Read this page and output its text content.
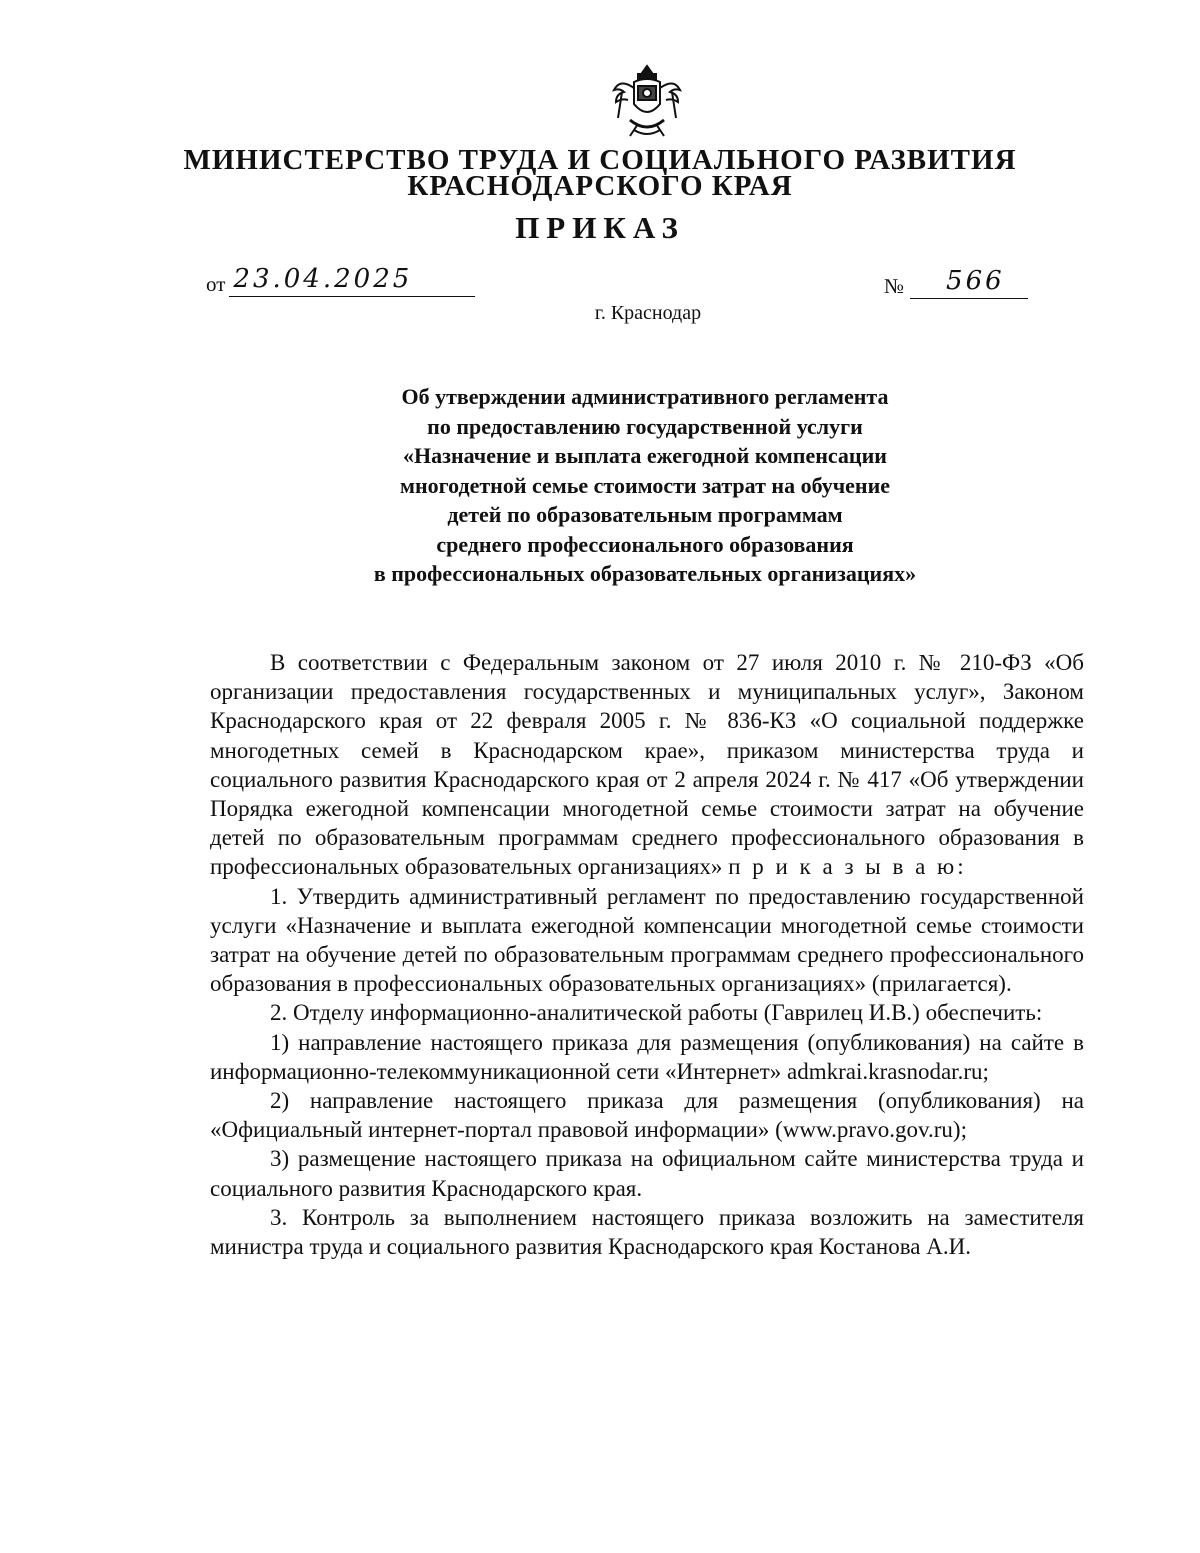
МИНИСТЕРСТВО ТРУДА И СОЦИАЛЬНОГО РАЗВИТИЯ
КРАСНОДАРСКОГО КРАЯ
ПРИКАЗ
от 23.04.2025	№ 566
г. Краснодар
Об утверждении административного регламента
по предоставлению государственной услуги
«Назначение и выплата ежегодной компенсации
многодетной семье стоимости затрат на обучение
детей по образовательным программам
среднего профессионального образования
в профессиональных образовательных организациях»

В соответствии с Федеральным законом от 27 июля 2010 г. № 210-ФЗ «Об организации предоставления государственных и муниципальных услуг», Законом Краснодарского края от 22 февраля 2005 г. № 836-КЗ «О социальной поддержке многодетных семей в Краснодарском крае», приказом министерства труда и социального развития Краснодарского края от 2 апреля 2024 г. № 417 «Об утверждении Порядка ежегодной компенсации многодетной семье стоимости затрат на обучение детей по образовательным программам среднего профессионального образования в профессиональных образовательных организациях» п р и к а з ы в а ю:

1. Утвердить административный регламент по предоставлению государственной услуги «Назначение и выплата ежегодной компенсации многодетной семье стоимости затрат на обучение детей по образовательным программам среднего профессионального образования в профессиональных образовательных организациях» (прилагается).

2. Отделу информационно-аналитической работы (Гаврилец И.В.) обеспечить:

1) направление настоящего приказа для размещения (опубликования) на сайте в информационно-телекоммуникационной сети «Интернет» admkrai.krasnodar.ru;

2) направление настоящего приказа для размещения (опубликования) на «Официальный интернет-портал правовой информации» (www.pravo.gov.ru);

3) размещение настоящего приказа на официальном сайте министерства труда и социального развития Краснодарского края.

3. Контроль за выполнением настоящего приказа возложить на заместителя министра труда и социального развития Краснодарского края Костанова А.И.
